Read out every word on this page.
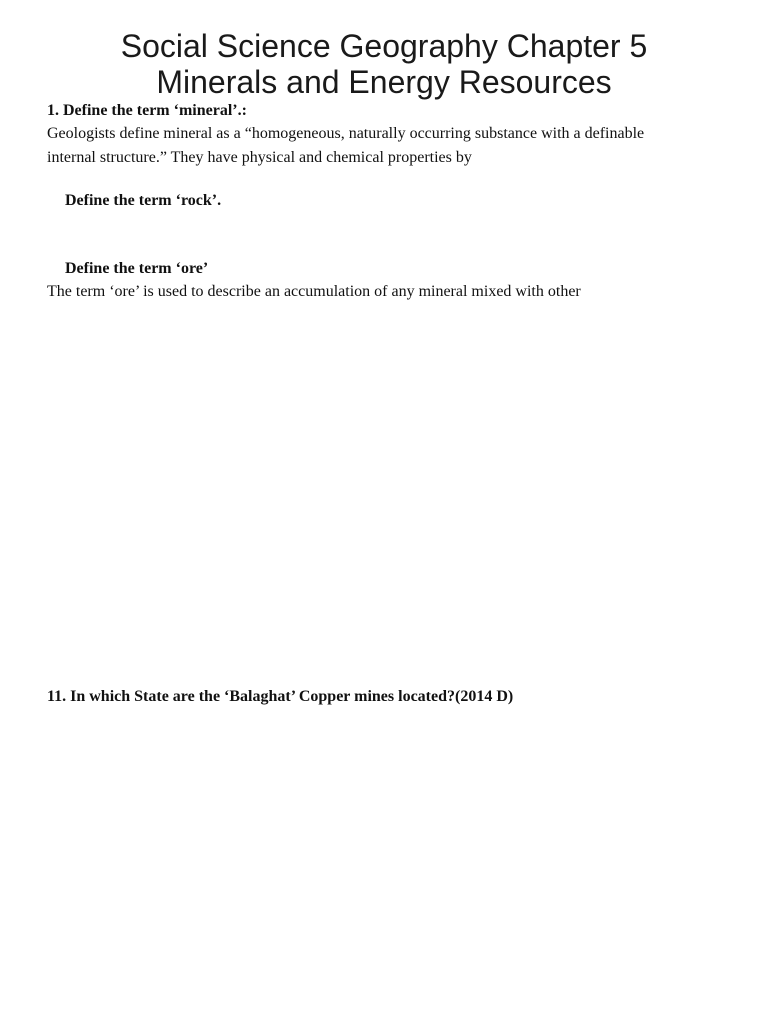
Social Science Geography Chapter 5
Minerals and Energy Resources

1. Define the term ‘mineral’.:

Geologists define mineral as a “homogeneous, naturally occurring substance with a definable

internal structure.” They have physical and chemical properties by

Define the term ‘rock’.

Define the term ‘ore’

The term ‘ore’ is used to describe an accumulation of any mineral mixed with other

11. In which State are the ‘Balaghat’ Copper mines located?(2014 D)
